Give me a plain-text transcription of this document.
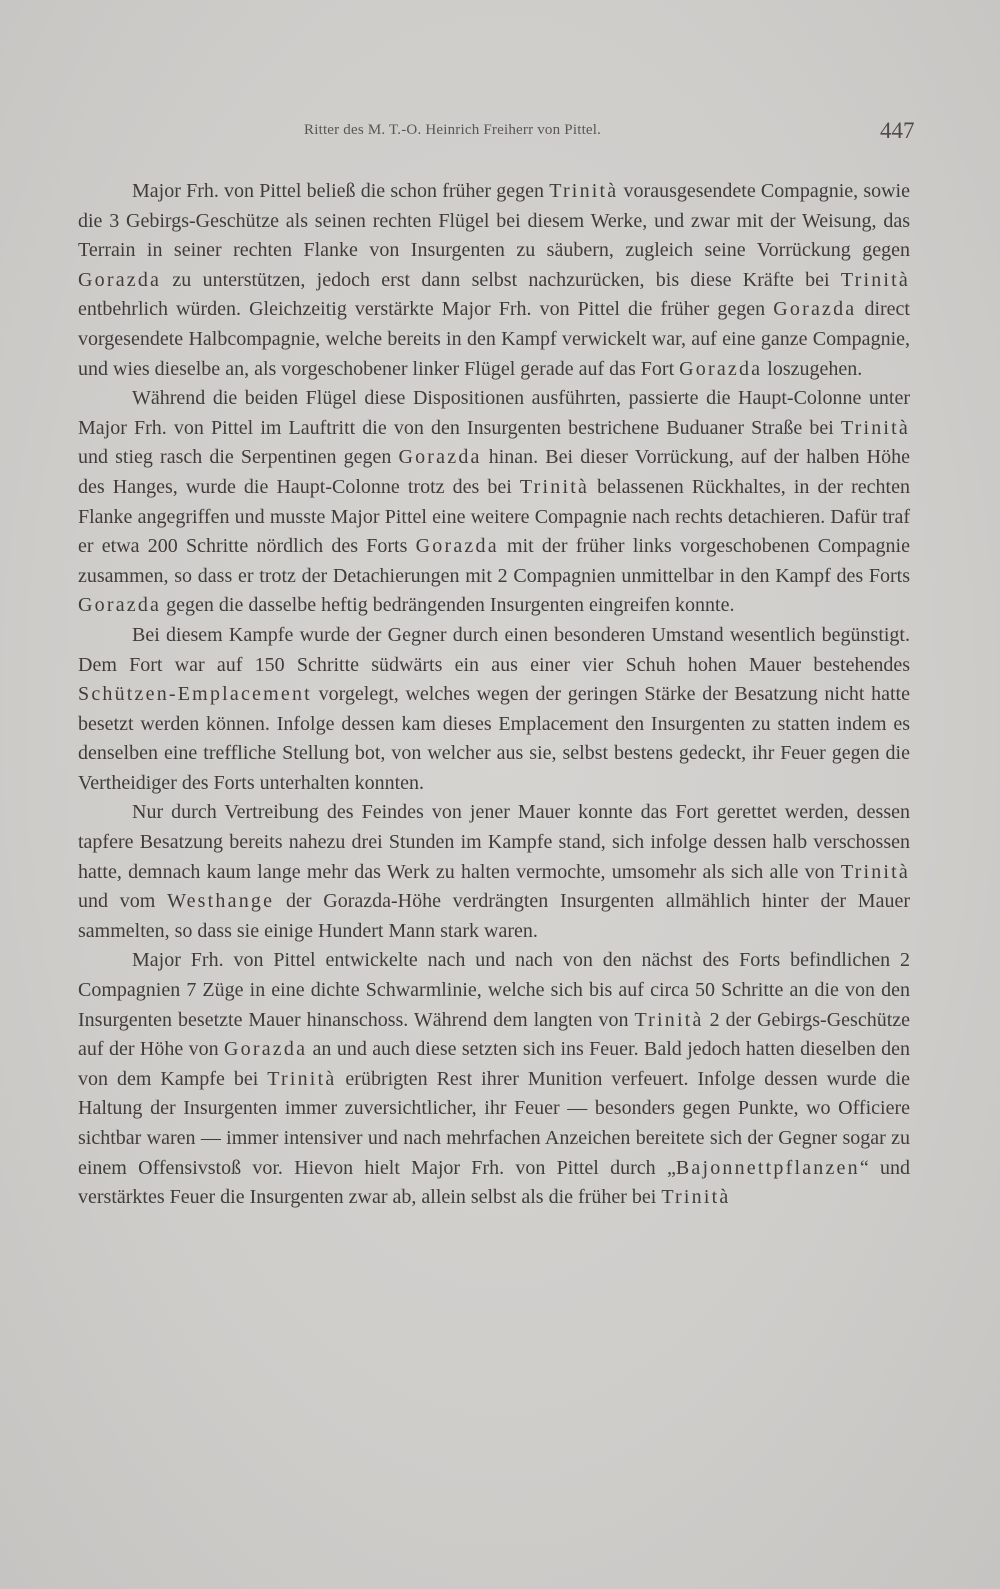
Ritter des M. T.-O. Heinrich Freiherr von Pittel.	447

Major Frh. von Pittel beließ die schon früher gegen Trinità vorausgesendete Compagnie, sowie die 3 Gebirgs-Geschütze als seinen rechten Flügel bei diesem Werke, und zwar mit der Weisung, das Terrain in seiner rechten Flanke von Insurgenten zu säubern, zugleich seine Vorrückung gegen Gorazda zu unterstützen, jedoch erst dann selbst nachzurücken, bis diese Kräfte bei Trinità entbehrlich würden. Gleichzeitig verstärkte Major Frh. von Pittel die früher gegen Gorazda direct vorgesendete Halbcompagnie, welche bereits in den Kampf verwickelt war, auf eine ganze Compagnie, und wies dieselbe an, als vorgeschobener linker Flügel gerade auf das Fort Gorazda loszugehen.

Während die beiden Flügel diese Dispositionen ausführten, passierte die Haupt-Colonne unter Major Frh. von Pittel im Lauftritt die von den Insurgenten bestrichene Buduaner Straße bei Trinità und stieg rasch die Serpentinen gegen Gorazda hinan. Bei dieser Vorrückung, auf der halben Höhe des Hanges, wurde die Haupt-Colonne trotz des bei Trinità belassenen Rückhaltes, in der rechten Flanke angegriffen und musste Major Pittel eine weitere Compagnie nach rechts detachieren. Dafür traf er etwa 200 Schritte nördlich des Forts Gorazda mit der früher links vorgeschobenen Compagnie zusammen, so dass er trotz der Detachierungen mit 2 Compagnien unmittelbar in den Kampf des Forts Gorazda gegen die dasselbe heftig bedrängenden Insurgenten eingreifen konnte.

Bei diesem Kampfe wurde der Gegner durch einen besonderen Umstand wesentlich begünstigt. Dem Fort war auf 150 Schritte südwärts ein aus einer vier Schuh hohen Mauer bestehendes Schützen-Emplacement vorgelegt, welches wegen der geringen Stärke der Besatzung nicht hatte besetzt werden können. Infolge dessen kam dieses Emplacement den Insurgenten zu statten indem es denselben eine treffliche Stellung bot, von welcher aus sie, selbst bestens gedeckt, ihr Feuer gegen die Vertheidiger des Forts unterhalten konnten.

Nur durch Vertreibung des Feindes von jener Mauer konnte das Fort gerettet werden, dessen tapfere Besatzung bereits nahezu drei Stunden im Kampfe stand, sich infolge dessen halb verschossen hatte, demnach kaum lange mehr das Werk zu halten vermochte, umsomehr als sich alle von Trinità und vom Westhange der Gorazda-Höhe verdrängten Insurgenten allmählich hinter der Mauer sammelten, so dass sie einige Hundert Mann stark waren.

Major Frh. von Pittel entwickelte nach und nach von den nächst des Forts befindlichen 2 Compagnien 7 Züge in eine dichte Schwarmlinie, welche sich bis auf circa 50 Schritte an die von den Insurgenten besetzte Mauer hinanschoss. Während dem langten von Trinità 2 der Gebirgs-Geschütze auf der Höhe von Gorazda an und auch diese setzten sich ins Feuer. Bald jedoch hatten dieselben den von dem Kampfe bei Trinità erübrigten Rest ihrer Munition verfeuert. Infolge dessen wurde die Haltung der Insurgenten immer zuversichtlicher, ihr Feuer — besonders gegen Punkte, wo Officiere sichtbar waren — immer intensiver und nach mehrfachen Anzeichen bereitete sich der Gegner sogar zu einem Offensivstoß vor. Hievon hielt Major Frh. von Pittel durch „Bajonnettpflanzen“ und verstärktes Feuer die Insurgenten zwar ab, allein selbst als die früher bei Trinità
